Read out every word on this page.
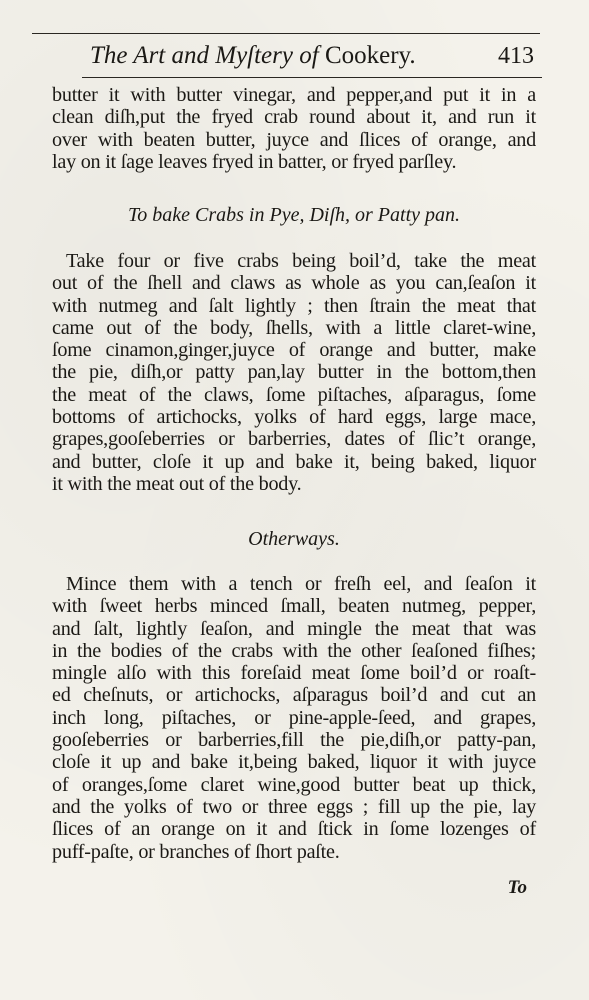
The Art and Myſtery of Cookery.	413
butter it with butter vinegar, and pepper,and put it in a
clean diſh,put the fryed crab round about it, and run it
over with beaten butter, juyce and ſlices of orange, and
lay on it ſage leaves fryed in batter, or fryed parſley.
To bake Crabs in Pye, Diſh, or Patty pan.
Take four or five crabs being boil’d, take the meat
out of the ſhell and claws as whole as you can,ſeaſon it
with nutmeg and ſalt lightly ; then ſtrain the meat that
came out of the body, ſhells, with a little claret-wine,
ſome cinamon,ginger,juyce of orange and butter, make
the pie, diſh,or patty pan,lay butter in the bottom,then
the meat of the claws, ſome piſtaches, aſparagus, ſome
bottoms of artichocks, yolks of hard eggs, large mace,
grapes,gooſeberries or barberries, dates of ſlic’t orange,
and butter, cloſe it up and bake it, being baked, liquor
it with the meat out of the body.
Otherways.
Mince them with a tench or freſh eel, and ſeaſon it
with ſweet herbs minced ſmall, beaten nutmeg, pepper,
and ſalt, lightly ſeaſon, and mingle the meat that was
in the bodies of the crabs with the other ſeaſoned fiſhes;
mingle alſo with this foreſaid meat ſome boil’d or roaſt-
ed cheſnuts, or artichocks, aſparagus boil’d and cut an
inch long, piſtaches, or pine-apple-ſeed, and grapes,
gooſeberries or barberries,fill the pie,diſh,or patty-pan,
cloſe it up and bake it,being baked, liquor it with juyce
of oranges,ſome claret wine,good butter beat up thick,
and the yolks of two or three eggs ; fill up the pie, lay
ſlices of an orange on it and ſtick in ſome lozenges of
puff-paſte, or branches of ſhort paſte.
To
